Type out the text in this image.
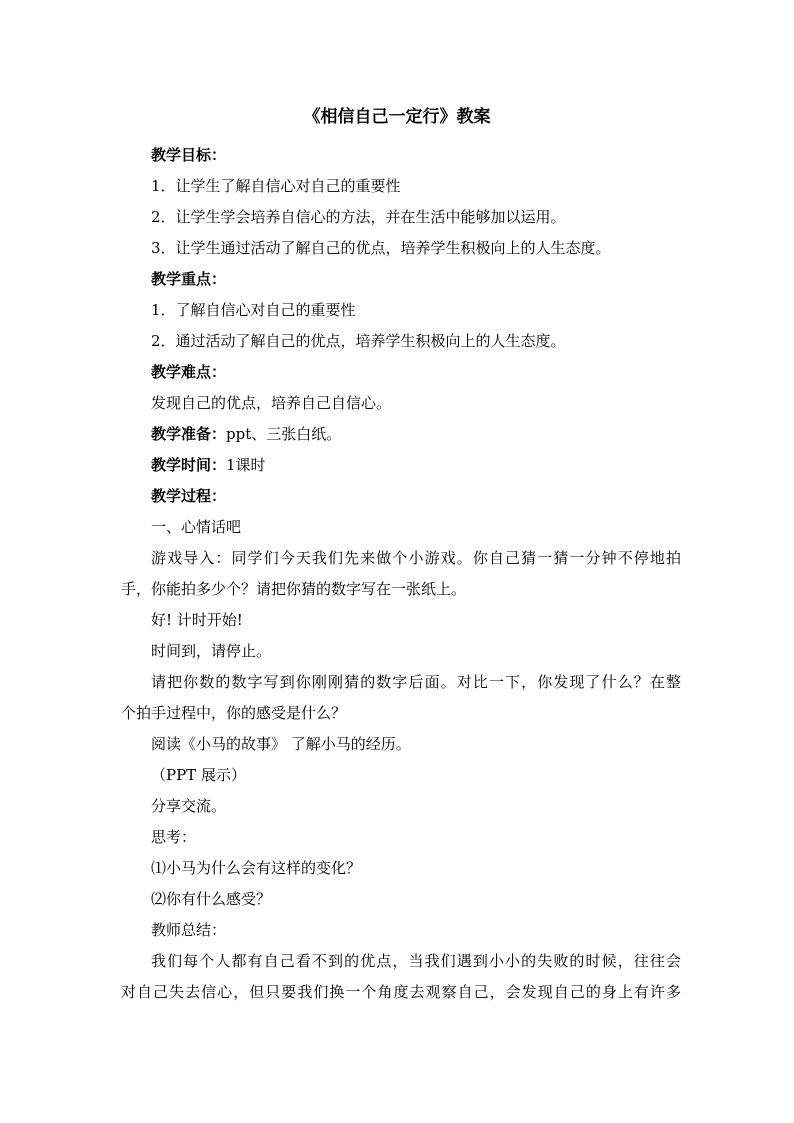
《相信自己一定行》教案
教学目标：
1．让学生了解自信心对自己的重要性
2．让学生学会培养自信心的方法，并在生活中能够加以运用。
3．让学生通过活动了解自己的优点，培养学生积极向上的人生态度。
教学重点：
1．了解自信心对自己的重要性
2．通过活动了解自己的优点，培养学生积极向上的人生态度。
教学难点：
发现自己的优点，培养自己自信心。
教学准备：ppt、三张白纸。
教学时间：1课时
教学过程：
一、心情话吧
游戏导入：同学们今天我们先来做个小游戏。你自己猜一猜一分钟不停地拍
手，你能拍多少个？请把你猜的数字写在一张纸上。
好! 计时开始!
时间到，请停止。
请把你数的数字写到你刚刚猜的数字后面。对比一下，你发现了什么？在整
个拍手过程中，你的感受是什么？
阅读《小马的故事》 了解小马的经历。
（PPT 展示）
分享交流。
思考：
⑴小马为什么会有这样的变化？
⑵你有什么感受？
教师总结：
我们每个人都有自己看不到的优点，当我们遇到小小的失败的时候，往往会
对自己失去信心，但只要我们换一个角度去观察自己，会发现自己的身上有许多
